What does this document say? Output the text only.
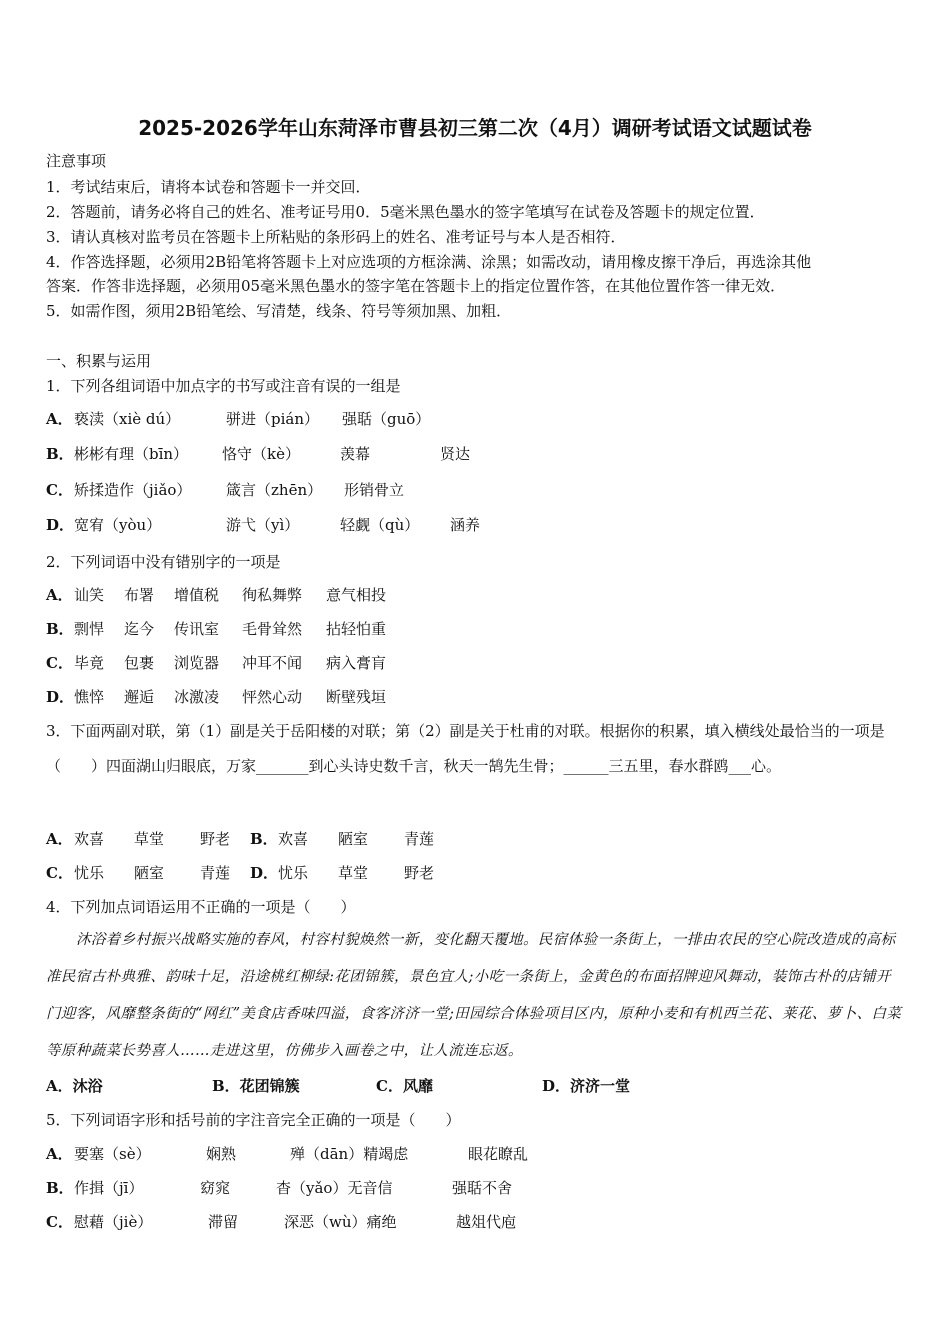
2025-2026学年山东菏泽市曹县初三第二次（4月）调研考试语文试题试卷
注意事项
1．考试结束后，请将本试卷和答题卡一并交回．
2．答题前，请务必将自己的姓名、准考证号用0．5毫米黑色墨水的签字笔填写在试卷及答题卡的规定位置．
3．请认真核对监考员在答题卡上所粘贴的条形码上的姓名、准考证号与本人是否相符．
4．作答选择题，必须用2B铅笔将答题卡上对应选项的方框涂满、涂黑；如需改动，请用橡皮擦干净后，再选涂其他
答案．作答非选择题，必须用05毫米黑色墨水的签字笔在答题卡上的指定位置作答，在其他位置作答一律无效．
5．如需作图，须用2B铅笔绘、写清楚，线条、符号等须加黑、加粗．
一、积累与运用
1．下列各组词语中加点字的书写或注音有误的一组是
A． 亵渎（xiè dú）	骈进（pián） 强聒（guō）
B． 彬彬有理（bīn） 恪守（kè）	羡幕	贤达
C． 矫揉造作（jiǎo） 箴言（zhēn） 形销骨立
D． 宽宥（yòu）	游弋（yì）	轻觑（qù） 涵养
2．下列词语中没有错别字的一项是
A． 讪笑 布署 增值税 徇私舞弊 意气相投
B． 剽悍 迄今 传讯室 毛骨耸然 拈轻怕重
C． 毕竟 包裹 浏览器 冲耳不闻 病入膏肓
D． 憔悴 邂逅 冰激凌 怦然心动 断壁残垣
3．下面两副对联，第（1）副是关于岳阳楼的对联；第（2）副是关于杜甫的对联。根据你的积累，填入横线处最恰当的一项是（　　）四面湖山归眼底，万家_______到心头诗史数千言，秋天一鹄先生骨；______三五里，春水群鸥___心。
A． 欢喜 草堂 野老 B． 欢喜 陋室 青莲
C． 忧乐 陋室 青莲 D． 忧乐 草堂 野老
4．下列加点词语运用不正确的一项是（　　）
沐浴着乡村振兴战略实施的春风，村容村貌焕然一新，变化翻天覆地。民宿体验一条街上，一排由农民的空心院改造成的高标准民宿古朴典雅、韵味十足，沿途桃红柳绿:花团锦簇，景色宜人;小吃一条街上，金黄色的布面招牌迎风舞动，装饰古朴的店铺开门迎客，风靡整条街的“网红”美食店香味四溢，食客济济一堂;田园综合体验项目区内，原种小麦和有机西兰花、莱花、萝卜、白菜等原种蔬菜长势喜人……走进这里，仿佛步入画卷之中，让人流连忘返。
A．沐浴	B．花团锦簇	C．风靡	D．济济一堂
5．下列词语字形和括号前的字注音完全正确的一项是（　　）
A． 要塞（sè）	娴熟	殚（dān）精竭虑	眼花瞭乱
B． 作揖（jī）	窈窕	杳（yǎo）无音信	强聒不舍
C． 慰藉（jiè）	滞留	深恶（wù）痛绝	越俎代庖
